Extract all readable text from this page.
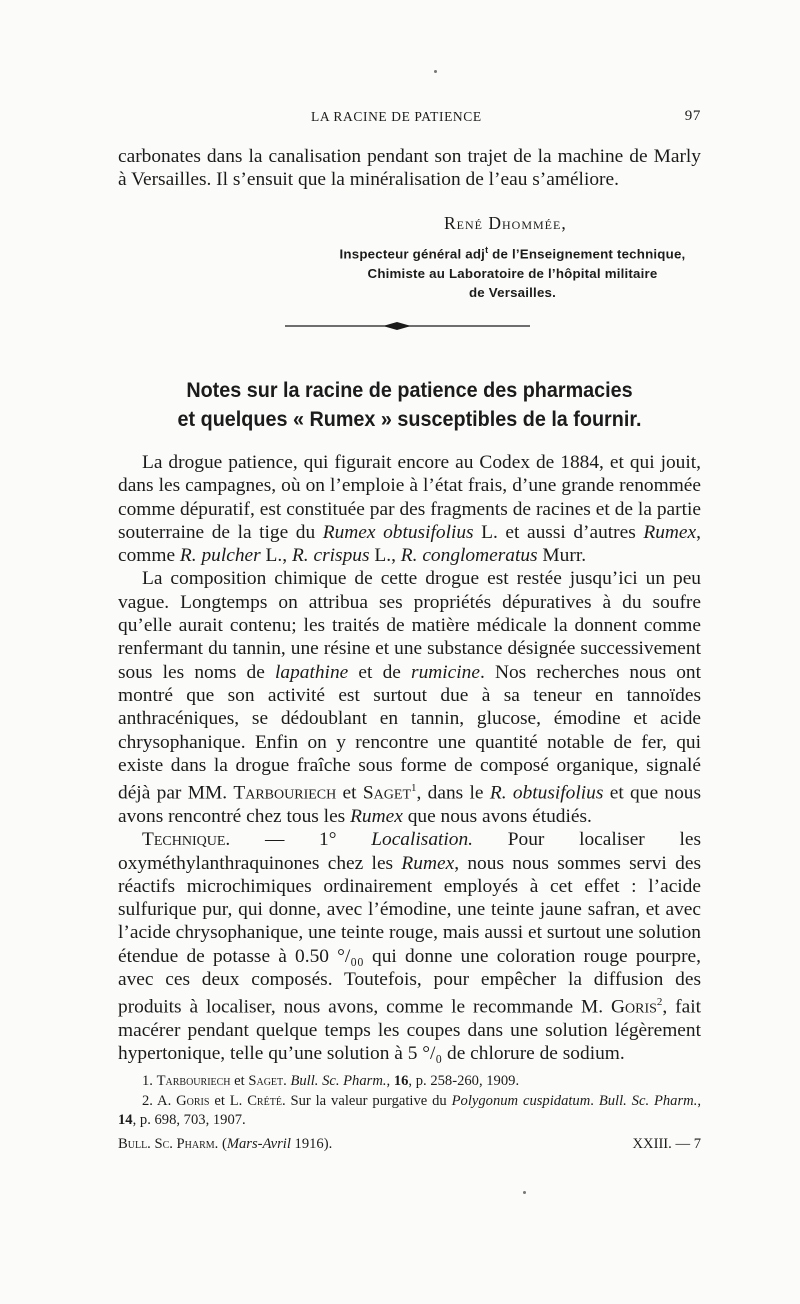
LA RACINE DE PATIENCE	97

carbonates dans la canalisation pendant son trajet de la machine de Marly à Versailles. Il s’ensuit que la minéralisation de l’eau s’améliore.

René Dhommée,
Inspecteur général adj$^t$ de l’Enseignement technique,
Chimiste au Laboratoire de l’hôpital militaire
de Versailles.
Notes sur la racine de patience des pharmacies
et quelques « Rumex » susceptibles de la fournir.

La drogue patience, qui figurait encore au Codex de 1884, et qui jouit, dans les campagnes, où on l’emploie à l’état frais, d’une grande renommée comme dépuratif, est constituée par des fragments de racines et de la partie souterraine de la tige du Rumex obtusifolius L. et aussi d’autres Rumex, comme R. pulcher L., R. crispus L., R. conglomeratus Murr.

La composition chimique de cette drogue est restée jusqu’ici un peu vague. Longtemps on attribua ses propriétés dépuratives à du soufre qu’elle aurait contenu; les traités de matière médicale la donnent comme renfermant du tannin, une résine et une substance désignée successivement sous les noms de lapathine et de rumicine. Nos recherches nous ont montré que son activité est surtout due à sa teneur en tannoïdes anthracéniques, se dédoublant en tannin, glucose, émodine et acide chrysophanique. Enfin on y rencontre une quantité notable de fer, qui existe dans la drogue fraîche sous forme de composé organique, signalé déjà par MM. Tarbouriech et Saget$^1$, dans le R. obtusifolius et que nous avons rencontré chez tous les Rumex que nous avons étudiés.

Technique. — 1° Localisation. Pour localiser les oxyméthylanthraquinones chez les Rumex, nous nous sommes servi des réactifs microchimiques ordinairement employés à cet effet : l’acide sulfurique pur, qui donne, avec l’émodine, une teinte jaune safran, et avec l’acide chrysophanique, une teinte rouge, mais aussi et surtout une solution étendue de potasse à 0.50 °/₀₀ qui donne une coloration rouge pourpre, avec ces deux composés. Toutefois, pour empêcher la diffusion des produits à localiser, nous avons, comme le recommande M. Goris$^2$, fait macérer pendant quelque temps les coupes dans une solution légèrement hypertonique, telle qu’une solution à 5 °/₀ de chlorure de sodium.

1. Tarbouriech et Saget. Bull. Sc. Pharm., 16, p. 258-260, 1909.

2. A. Goris et L. Crété. Sur la valeur purgative du Polygonum cuspidatum. Bull. Sc. Pharm., 14, p. 698, 703, 1907.

Bull. Sc. Pharm. (Mars-Avril 1916).	XXIII. — 7
